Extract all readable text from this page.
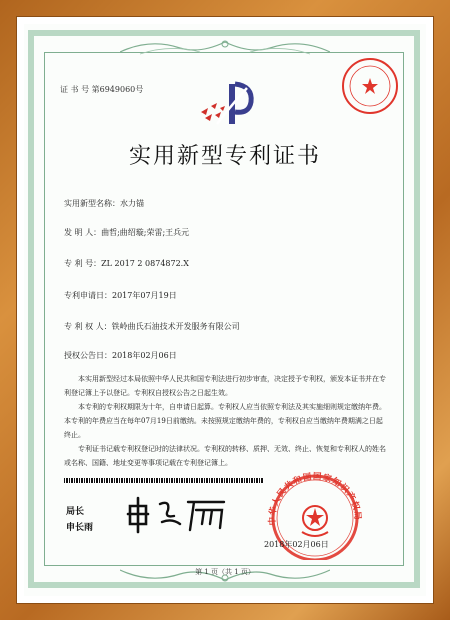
证 书 号 第6949060号
实用新型专利证书
实用新型名称：水力锚
发 明 人：曲哲;曲绍璇;荣雷;王兵元
专 利 号：ZL 2017 2 0874872.X
专利申请日：2017年07月19日
专 利 权 人：铁岭曲氏石油技术开发服务有限公司
授权公告日：2018年02月06日

本实用新型经过本局依照中华人民共和国专利法进行初步审查，决定授予专利权，颁发本证书并在专利登记簿上予以登记。专利权自授权公告之日起生效。

本专利的专利权期限为十年，自申请日起算。专利权人应当依照专利法及其实施细则规定缴纳年费。本专利的年费应当在每年07月19日前缴纳。未按照规定缴纳年费的，专利权自应当缴纳年费期满之日起终止。

专利证书记载专利权登记时的法律状况。专利权的转移、质押、无效、终止、恢复和专利权人的姓名或名称、国籍、地址变更等事项记载在专利登记簿上。

局长
申长雨
中华人民共和国国家知识产权局
2018年02月06日
第 1 页（共 1 页）
